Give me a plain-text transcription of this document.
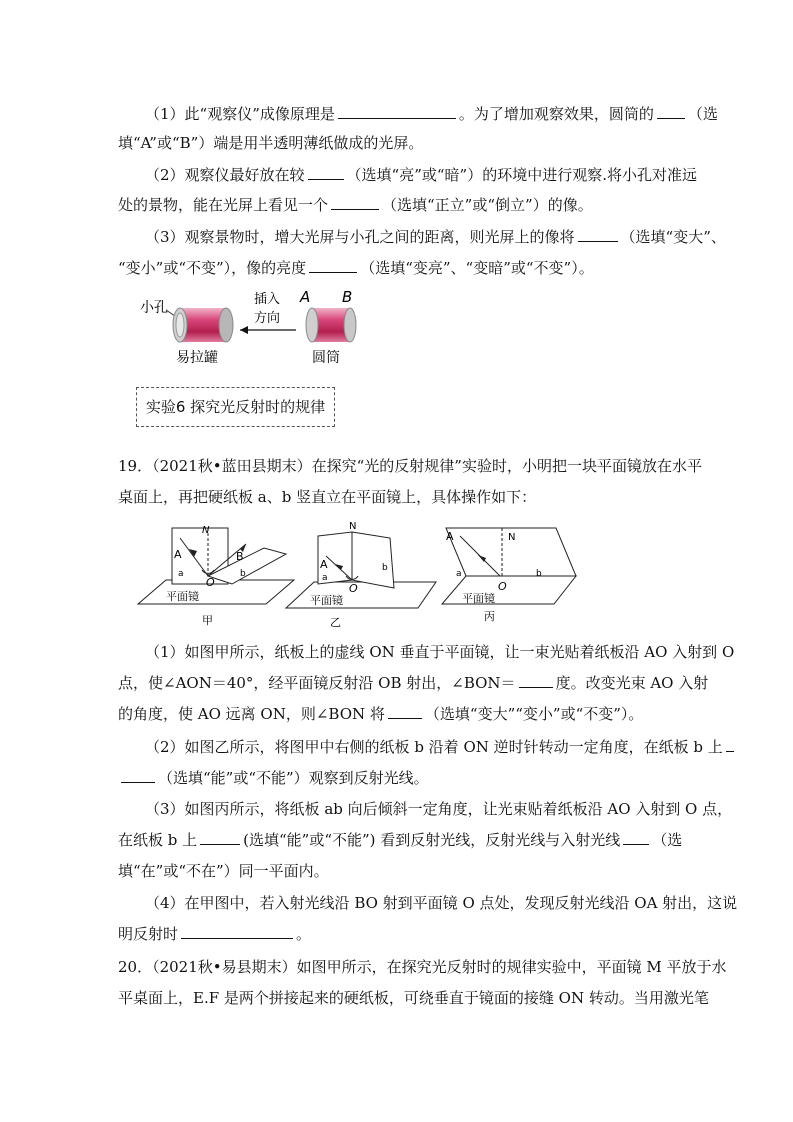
（1）此“观察仪”成像原理是	。为了增加观察效果，圆筒的 （选
填“A”或“B”）端是用半透明薄纸做成的光屏。
（2）观察仪最好放在较	（选填“亮”或“暗”）的环境中进行观察.将小孔对准远
处的景物，能在光屏上看见一个	（选填“正立”或“倒立”）的像。
（3）观察景物时，增大光屏与小孔之间的距离，则光屏上的像将	（选填“变大”、
“变小”或“不变”），像的亮度	（选填“变亮”、“变暗”或“不变”）。
小孔
插入
方向
A B
易拉罐	圆筒
实验6 探究光反射时的规律
19．（2021秋•蓝田县期末）在探究“光的反射规律”实验时，小明把一块平面镜放在水平
桌面上，再把硬纸板 a、b 竖直立在平面镜上，具体操作如下：
N
A	B
O
a	b
平面镜
甲
N
A
O
a
b
平面镜
乙
A	N
O
a	b
平面镜
丙
（1）如图甲所示，纸板上的虚线 ON 垂直于平面镜，让一束光贴着纸板沿 AO 入射到 O
点，使∠AON＝40°，经平面镜反射沿 OB 射出，∠BON＝	度。改变光束 AO 入射
的角度，使 AO 远离 ON，则∠BON 将	（选填“变大”“变小”或“不变”）。
（2）如图乙所示，将图甲中右侧的纸板 b 沿着 ON 逆时针转动一定角度，在纸板 b 上
（选填“能”或“不能”）观察到反射光线。
（3）如图丙所示，将纸板 ab 向后倾斜一定角度，让光束贴着纸板沿 AO 入射到 O 点，
在纸板 b 上	(选填“能”或“不能”) 看到反射光线，反射光线与入射光线 （选
填“在”或“不在”）同一平面内。
（4）在甲图中，若入射光线沿 BO 射到平面镜 O 点处，发现反射光线沿 OA 射出，这说
明反射时	。
20．（2021秋•易县期末）如图甲所示，在探究光反射时的规律实验中，平面镜 M 平放于水
平桌面上，E.F 是两个拼接起来的硬纸板，可绕垂直于镜面的接缝 ON 转动。当用激光笔
